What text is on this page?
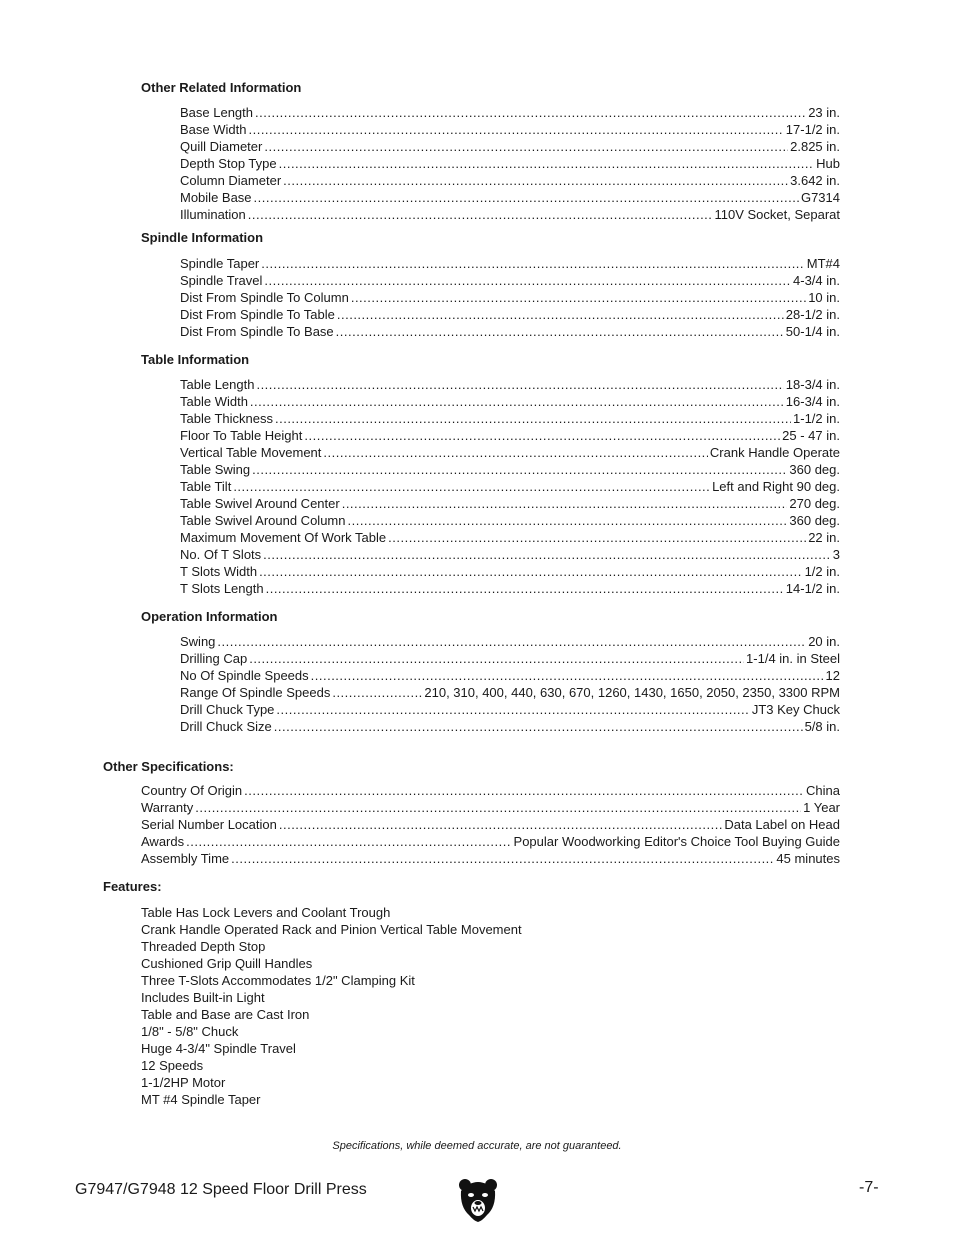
Other Related Information
Base Length .....	23 in.
Base Width .....	17-1/2 in.
Quill Diameter .....	2.825 in.
Depth Stop Type .....	Hub
Column Diameter .....	3.642 in.
Mobile Base .....	G7314
Illumination .....	110V Socket, Separat
Spindle Information
Spindle Taper .....	MT#4
Spindle Travel .....	4-3/4 in.
Dist From Spindle To Column .....	10 in.
Dist From Spindle To Table .....	28-1/2 in.
Dist From Spindle To Base .....	50-1/4 in.
Table Information
Table Length .....	18-3/4 in.
Table Width .....	16-3/4 in.
Table Thickness .....	1-1/2 in.
Floor To Table Height .....	25 - 47 in.
Vertical Table Movement .....	Crank Handle Operate
Table Swing .....	360 deg.
Table Tilt .....	Left and Right 90 deg.
Table Swivel Around Center .....	270 deg.
Table Swivel Around Column .....	360 deg.
Maximum Movement Of Work Table .....	22 in.
No. Of T Slots .....	3
T Slots Width .....	1/2 in.
T Slots Length .....	14-1/2 in.
Operation Information
Swing .....	20 in.
Drilling Cap .....	1-1/4 in. in Steel
No Of Spindle Speeds .....	12
Range Of Spindle Speeds .....	210, 310, 400, 440, 630, 670, 1260, 1430, 1650, 2050, 2350, 3300 RPM
Drill Chuck Type .....	JT3 Key Chuck
Drill Chuck Size .....	5/8 in.
Other Specifications:
Country Of Origin .....	China
Warranty .....	1 Year
Serial Number Location .....	Data Label on Head
Awards .....	Popular Woodworking Editor's Choice Tool Buying Guide
Assembly Time .....	45 minutes
Features:
Table Has Lock Levers and Coolant Trough
Crank Handle Operated Rack and Pinion Vertical Table Movement
Threaded Depth Stop
Cushioned Grip Quill Handles
Three T-Slots Accommodates 1/2" Clamping Kit
Includes Built-in Light
Table and Base are Cast Iron
1/8" - 5/8" Chuck
Huge 4-3/4" Spindle Travel
12 Speeds
1-1/2HP Motor
MT #4 Spindle Taper
Specifications, while deemed accurate, are not guaranteed.
G7947/G7948 12 Speed Floor Drill Press	-7-
